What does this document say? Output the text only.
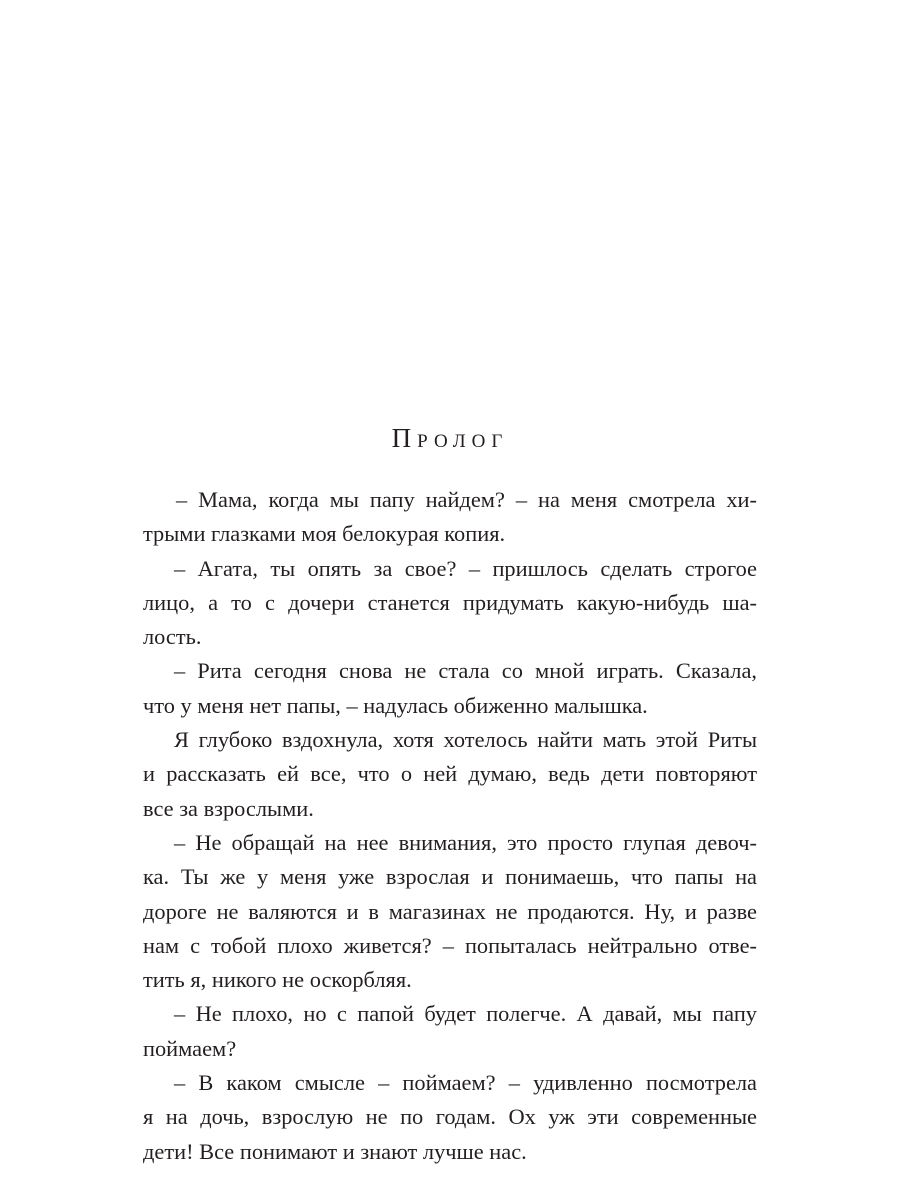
Пролог
– Мама, когда мы папу найдем? – на меня смотрела хи-
трыми глазками моя белокурая копия.
– Агата, ты опять за свое? – пришлось сделать строгое
лицо, а то с дочери станется придумать какую-нибудь ша-
лость.
– Рита сегодня снова не стала со мной играть. Сказала,
что у меня нет папы, – надулась обиженно малышка.
Я глубоко вздохнула, хотя хотелось найти мать этой Риты
и рассказать ей все, что о ней думаю, ведь дети повторяют
все за взрослыми.
– Не обращай на нее внимания, это просто глупая девоч-
ка. Ты же у меня уже взрослая и понимаешь, что папы на
дороге не валяются и в магазинах не продаются. Ну, и разве
нам с тобой плохо живется? – попыталась нейтрально отве-
тить я, никого не оскорбляя.
– Не плохо, но с папой будет полегче. А давай, мы папу
поймаем?
– В каком смысле – поймаем? – удивленно посмотрела
я на дочь, взрослую не по годам. Ох уж эти современные
дети! Все понимают и знают лучше нас.
